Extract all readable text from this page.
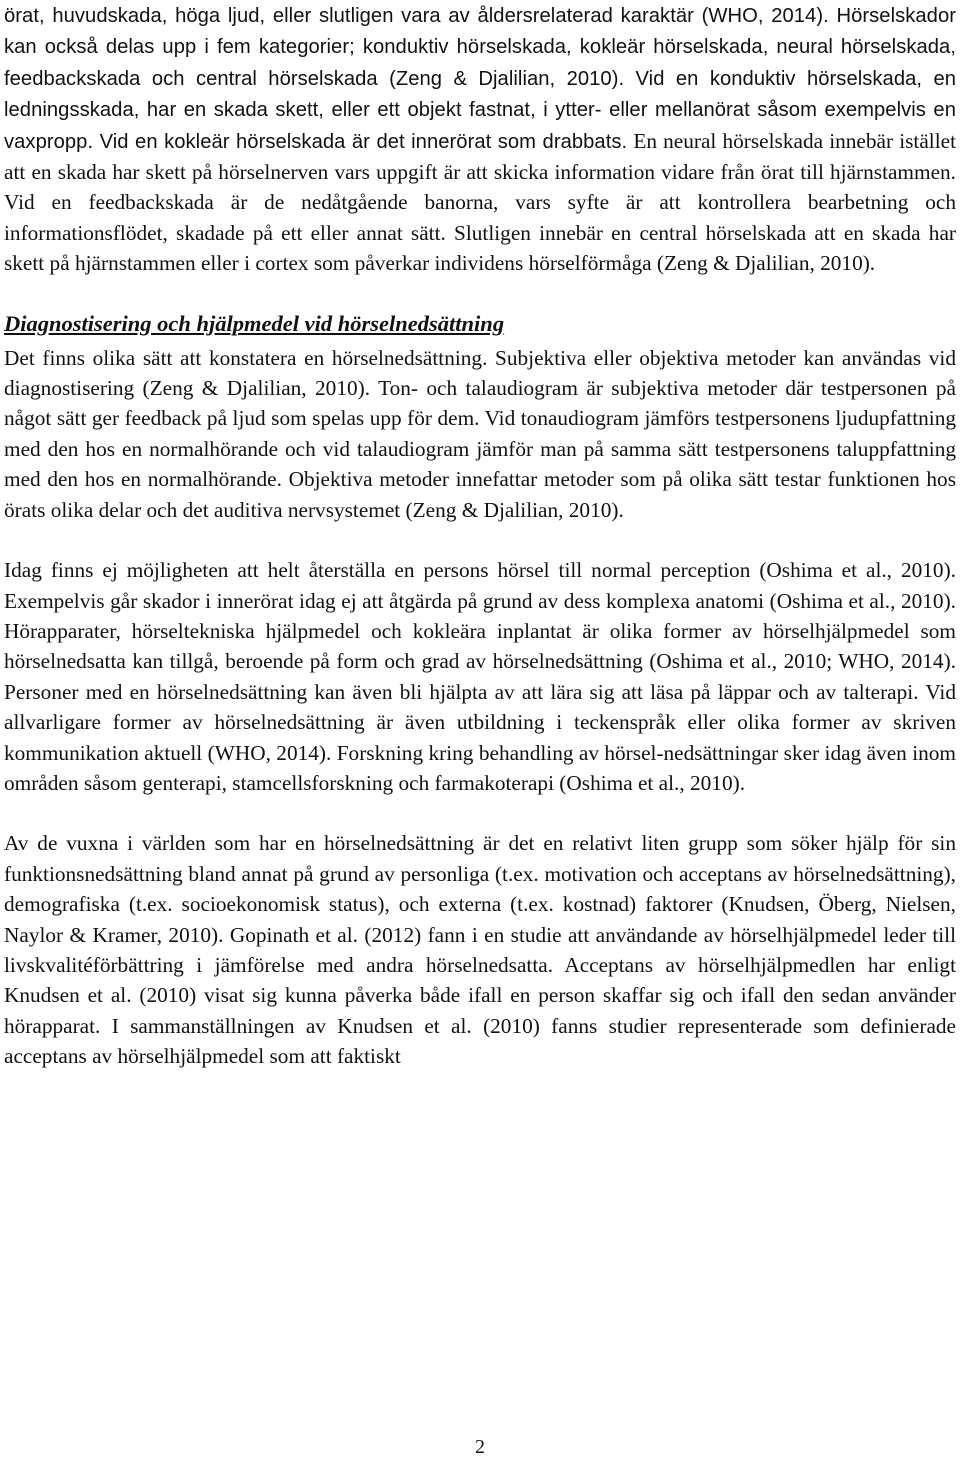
örat, huvudskada, höga ljud, eller slutligen vara av åldersrelaterad karaktär (WHO, 2014). Hörselskador kan också delas upp i fem kategorier; konduktiv hörselskada, kokleär hörselskada, neural hörselskada, feedbackskada och central hörselskada (Zeng & Djalilian, 2010). Vid en konduktiv hörselskada, en ledningsskada, har en skada skett, eller ett objekt fastnat, i ytter- eller mellanörat såsom exempelvis en vaxpropp. Vid en kokleär hörselskada är det innerörat som drabbats. En neural hörselskada innebär istället att en skada har skett på hörselnerven vars uppgift är att skicka information vidare från örat till hjärnstammen. Vid en feedbackskada är de nedåtgående banorna, vars syfte är att kontrollera bearbetning och informationsflödet, skadade på ett eller annat sätt. Slutligen innebär en central hörselskada att en skada har skett på hjärnstammen eller i cortex som påverkar individens hörselförmåga (Zeng & Djalilian, 2010).

Diagnostisering och hjälpmedel vid hörselnedsättning

Det finns olika sätt att konstatera en hörselnedsättning. Subjektiva eller objektiva metoder kan användas vid diagnostisering (Zeng & Djalilian, 2010). Ton- och talaudiogram är subjektiva metoder där testpersonen på något sätt ger feedback på ljud som spelas upp för dem. Vid tonaudiogram jämförs testpersonens ljudupfattning med den hos en normalhörande och vid talaudiogram jämför man på samma sätt testpersonens taluppfattning med den hos en normalhörande. Objektiva metoder innefattar metoder som på olika sätt testar funktionen hos örats olika delar och det auditiva nervsystemet (Zeng & Djalilian, 2010).

Idag finns ej möjligheten att helt återställa en persons hörsel till normal perception (Oshima et al., 2010). Exempelvis går skador i innerörat idag ej att åtgärda på grund av dess komplexa anatomi (Oshima et al., 2010). Hörapparater, hörseltekniska hjälpmedel och kokleära inplantat är olika former av hörselhjälpmedel som hörselnedsatta kan tillgå, beroende på form och grad av hörselnedsättning (Oshima et al., 2010; WHO, 2014). Personer med en hörselnedsättning kan även bli hjälpta av att lära sig att läsa på läppar och av talterapi. Vid allvarligare former av hörselnedsättning är även utbildning i teckenspråk eller olika former av skriven kommunikation aktuell (WHO, 2014). Forskning kring behandling av hörsel-nedsättningar sker idag även inom områden såsom genterapi, stamcellsforskning och farmakoterapi (Oshima et al., 2010).

Av de vuxna i världen som har en hörselnedsättning är det en relativt liten grupp som söker hjälp för sin funktionsnedsättning bland annat på grund av personliga (t.ex. motivation och acceptans av hörselnedsättning), demografiska (t.ex. socioekonomisk status), och externa (t.ex. kostnad) faktorer (Knudsen, Öberg, Nielsen, Naylor & Kramer, 2010). Gopinath et al. (2012) fann i en studie att användande av hörselhjälpmedel leder till livskvalitéförbättring i jämförelse med andra hörselnedsatta. Acceptans av hörselhjälpmedlen har enligt Knudsen et al. (2010) visat sig kunna påverka både ifall en person skaffar sig och ifall den sedan använder hörapparat. I sammanställningen av Knudsen et al. (2010) fanns studier representerade som definierade acceptans av hörselhjälpmedel som att faktiskt

2
